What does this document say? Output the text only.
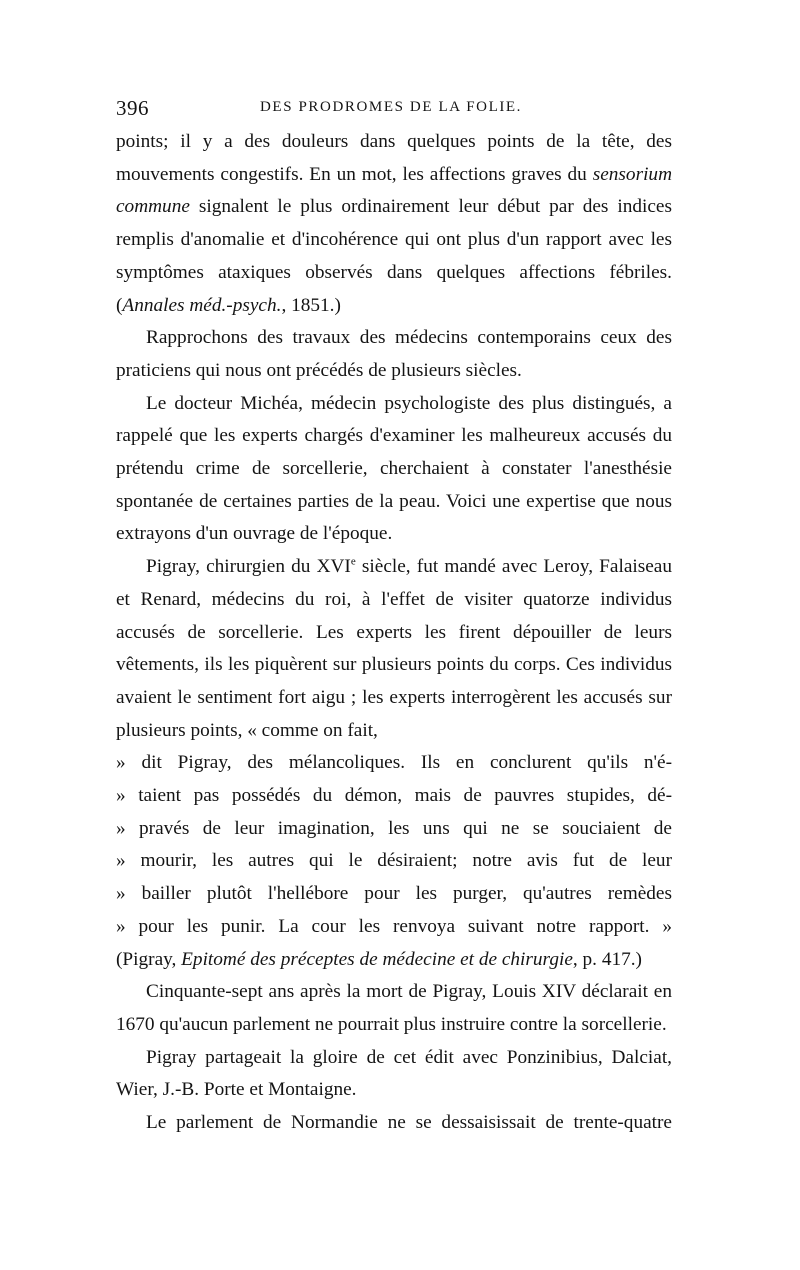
396	DES PRODROMES DE LA FOLIE.

points; il y a des douleurs dans quelques points de la tête, des mouvements congestifs. En un mot, les affections graves du sensorium commune signalent le plus ordinairement leur début par des indices remplis d'anomalie et d'incohérence qui ont plus d'un rapport avec les symptômes ataxiques observés dans quelques affections fébriles. (Annales méd.-psych., 1851.)

Rapprochons des travaux des médecins contemporains ceux des praticiens qui nous ont précédés de plusieurs siècles.

Le docteur Michéa, médecin psychologiste des plus distingués, a rappelé que les experts chargés d'examiner les malheureux accusés du prétendu crime de sorcellerie, cherchaient à constater l'anesthésie spontanée de certaines parties de la peau. Voici une expertise que nous extrayons d'un ouvrage de l'époque.

Pigray, chirurgien du XVIe siècle, fut mandé avec Leroy, Falaiseau et Renard, médecins du roi, à l'effet de visiter quatorze individus accusés de sorcellerie. Les experts les firent dépouiller de leurs vêtements, ils les piquèrent sur plusieurs points du corps. Ces individus avaient le sentiment fort aigu ; les experts interrogèrent les accusés sur plusieurs points, « comme on fait,

» dit Pigray, des mélancoliques. Ils en conclurent qu'ils n'é-

» taient pas possédés du démon, mais de pauvres stupides, dé-

» pravés de leur imagination, les uns qui ne se souciaient de

» mourir, les autres qui le désiraient; notre avis fut de leur

» bailler plutôt l'hellébore pour les purger, qu'autres remèdes

» pour les punir. La cour les renvoya suivant notre rapport. »

(Pigray, Epitomé des préceptes de médecine et de chirurgie, p. 417.)

Cinquante-sept ans après la mort de Pigray, Louis XIV déclarait en 1670 qu'aucun parlement ne pourrait plus instruire contre la sorcellerie.

Pigray partageait la gloire de cet édit avec Ponzinibius, Dalciat, Wier, J.-B. Porte et Montaigne.

Le parlement de Normandie ne se dessaisissait de trente-quatre
